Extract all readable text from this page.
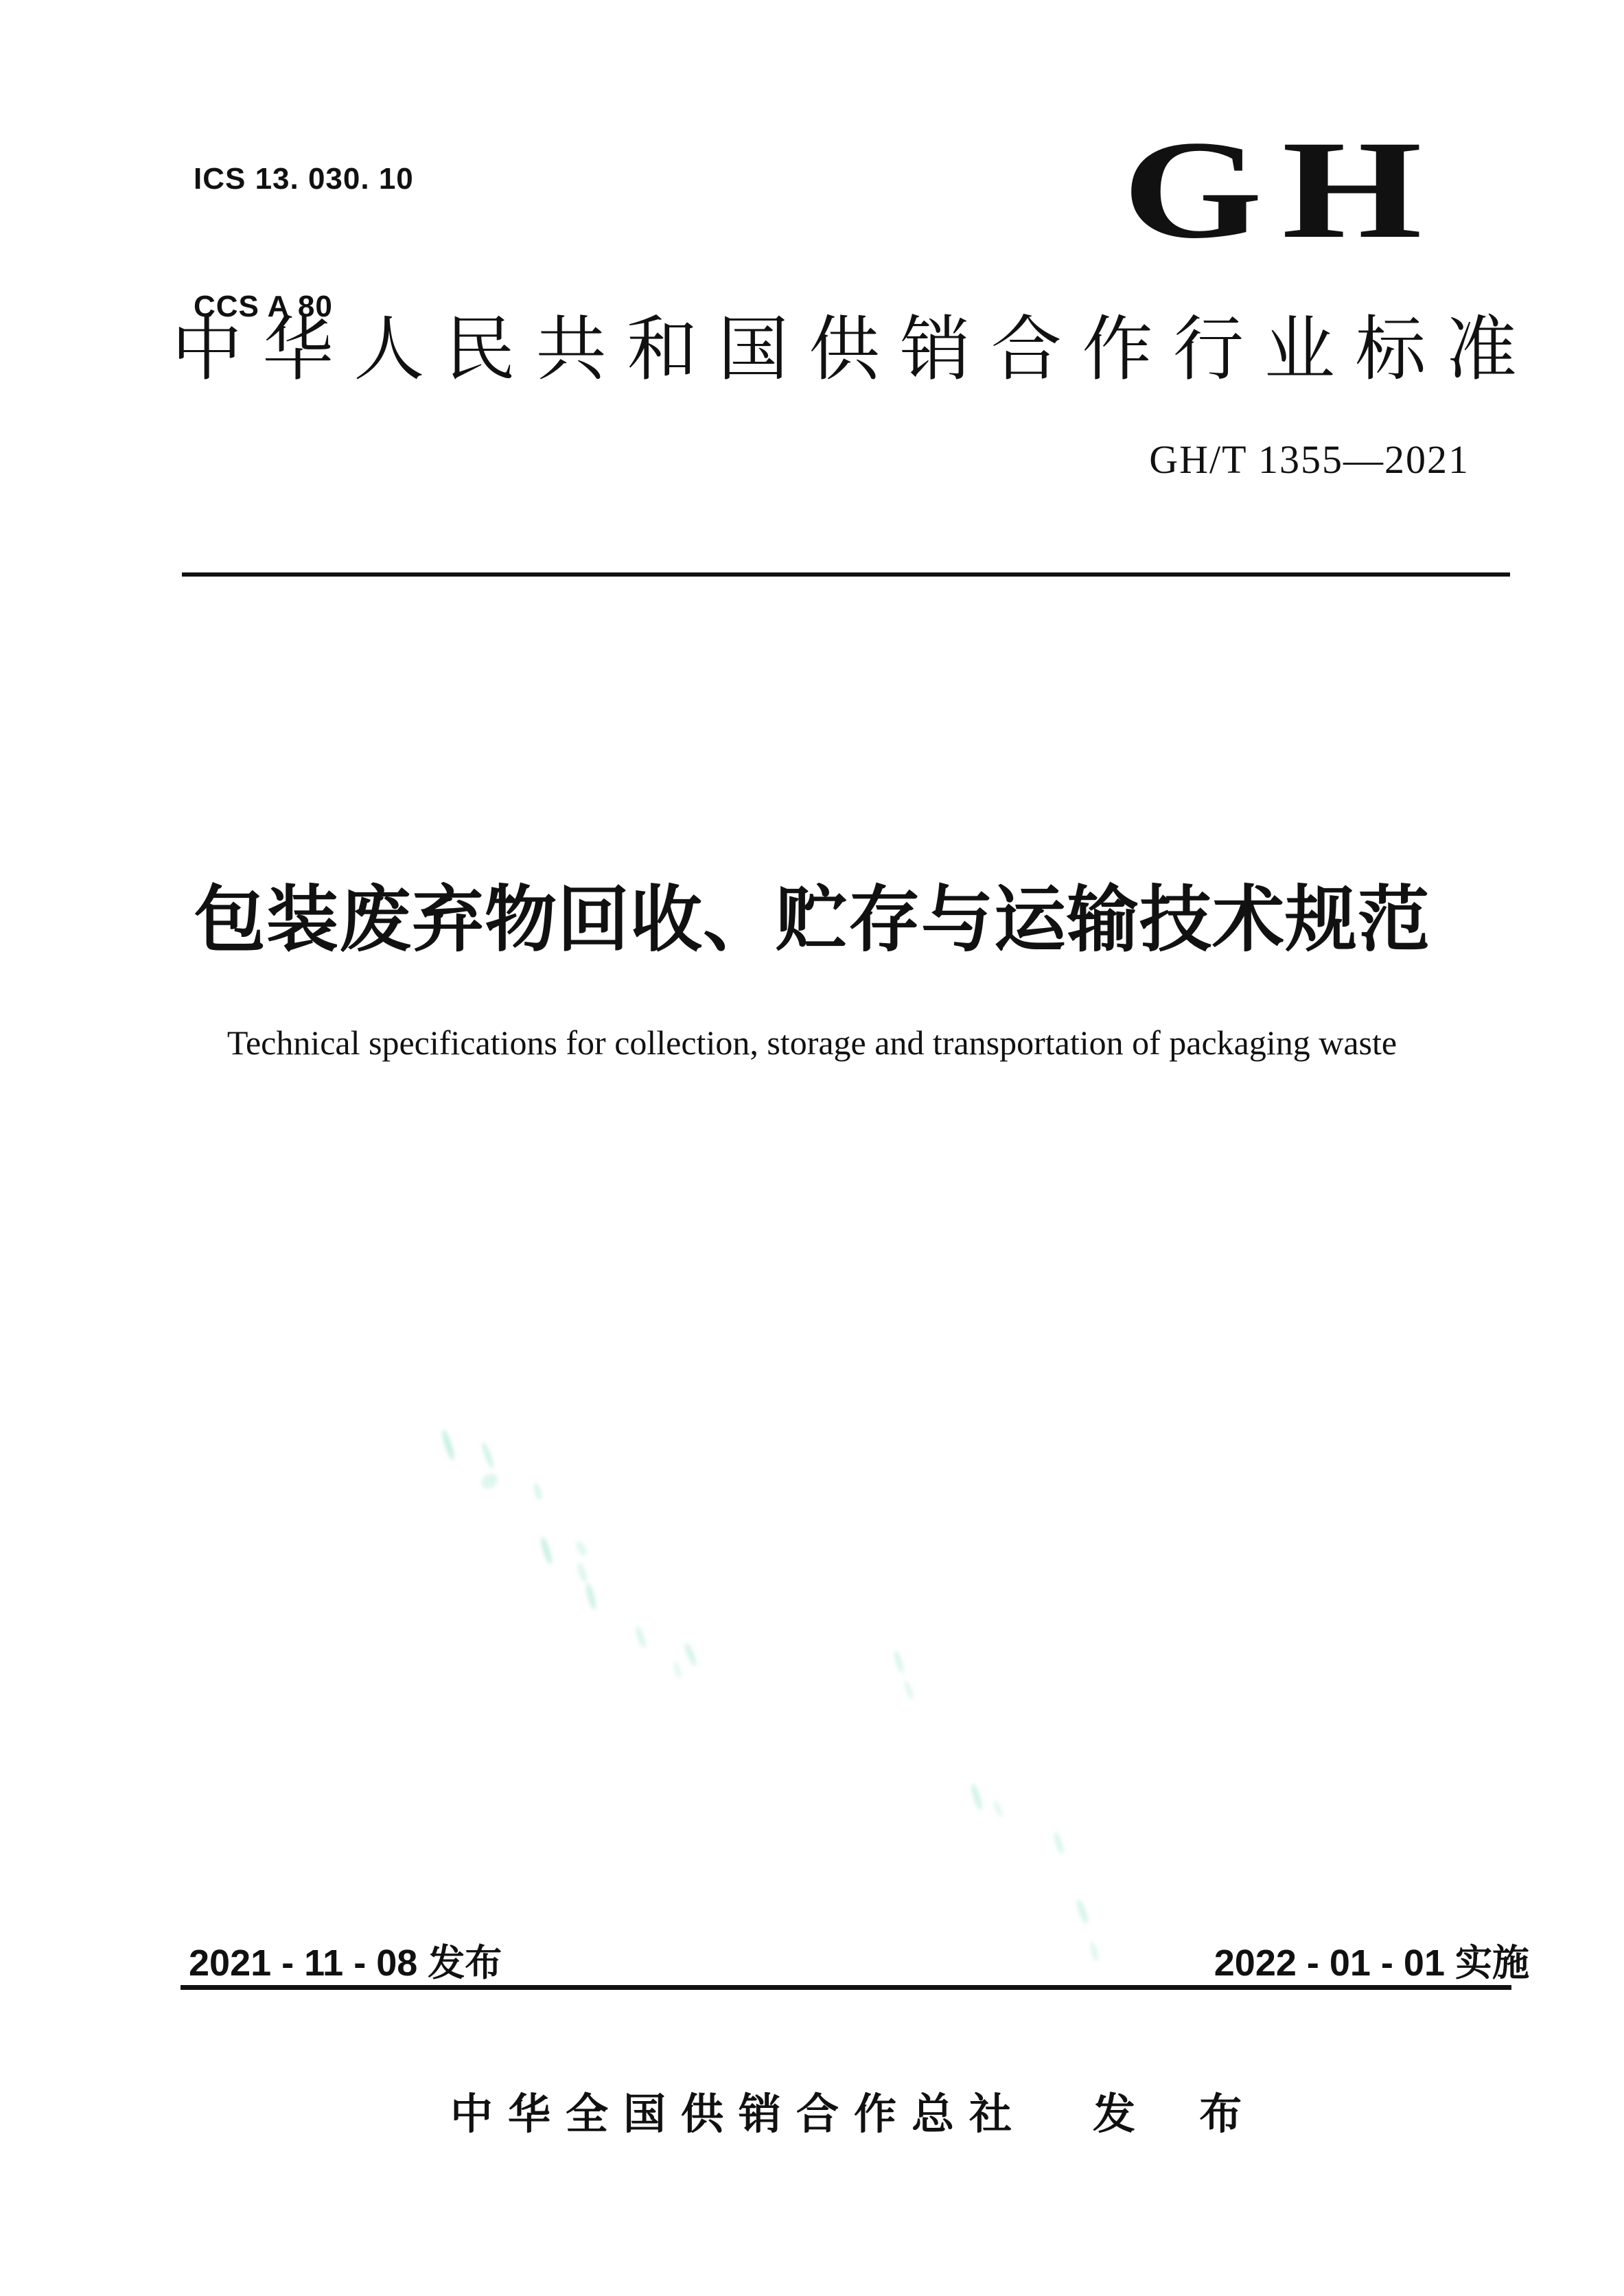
ICS 13. 030. 10

CCS A 80

GH
中 华 人 民 共 和 国 供 销 合 作 行 业 标 准
GH/T 1355—2021
包装废弃物回收、贮存与运输技术规范
Technical specifications for collection, storage and transportation of packaging waste
2021 - 11 - 08 发布	2022 - 01 - 01 实施
中华全国供销合作总社 发 布
